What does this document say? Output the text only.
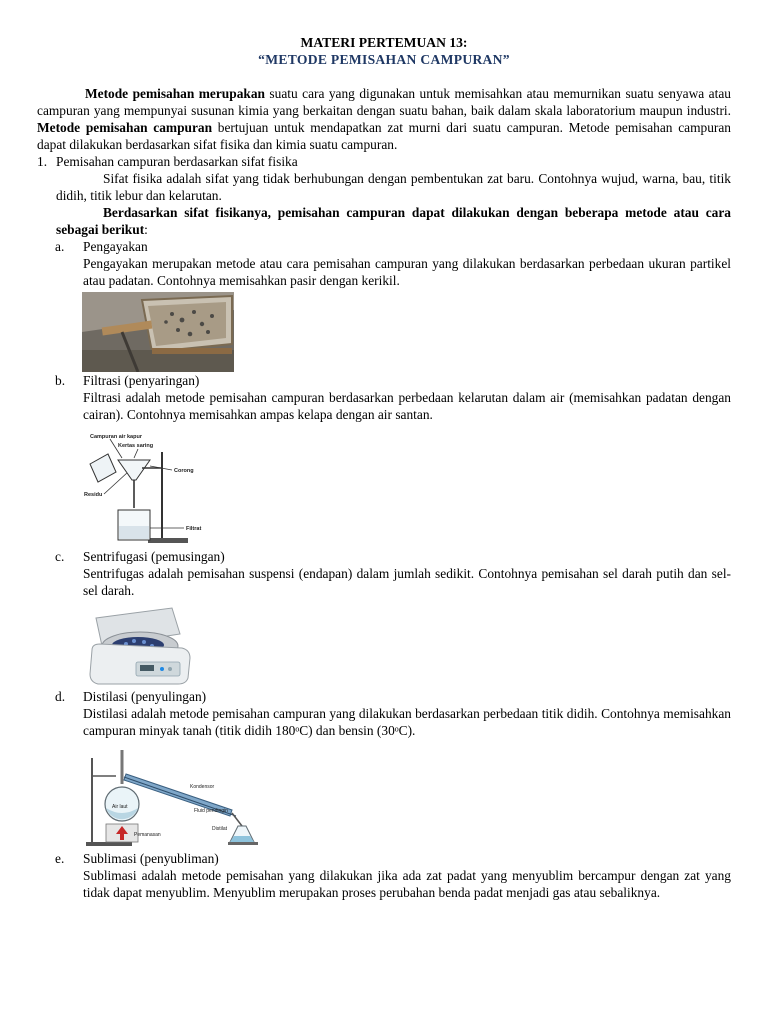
MATERI PERTEMUAN 13:
“METODE PEMISAHAN CAMPURAN”

Metode pemisahan merupakan suatu cara yang digunakan untuk memisahkan atau memurnikan suatu senyawa atau campuran yang mempunyai susunan kimia yang berkaitan dengan suatu bahan, baik dalam skala laboratorium maupun industri. Metode pemisahan campuran bertujuan untuk mendapatkan zat murni dari suatu campuran. Metode pemisahan campuran dapat dilakukan berdasarkan sifat fisika dan kimia suatu campuran.

1. Pemisahan campuran berdasarkan sifat fisika

Sifat fisika adalah sifat yang tidak berhubungan dengan pembentukan zat baru. Contohnya wujud, warna, bau, titik didih, titik lebur dan kelarutan.

Berdasarkan sifat fisikanya, pemisahan campuran dapat dilakukan dengan beberapa metode atau cara sebagai berikut:

a.	Pengayakan

Pengayakan merupakan metode atau cara pemisahan campuran yang dilakukan berdasarkan perbedaan ukuran partikel atau padatan. Contohnya memisahkan pasir dengan kerikil.

b.	Filtrasi (penyaringan)

Filtrasi adalah metode pemisahan campuran berdasarkan perbedaan kelarutan dalam air (memisahkan padatan dengan cairan). Contohnya memisahkan ampas kelapa dengan air santan.

Campuran air kapur
Kertas saring
Corong
Residu
Filtrat
c.	Sentrifugasi (pemusingan)

Sentrifugas adalah pemisahan suspensi (endapan) dalam jumlah sedikit. Contohnya pemisahan sel darah putih dan sel-sel darah.

d.	Distilasi (penyulingan)

Distilasi adalah metode pemisahan campuran yang dilakukan berdasarkan perbedaan titik didih. Contohnya memisahkan campuran minyak tanah (titik didih 180ᵒC) dan bensin (30ᵒC).

Air laut
Pemanasan
Kondensor
Fluid pendingin
Distilat
e.	Sublimasi (penyubliman)

Sublimasi adalah metode pemisahan yang dilakukan jika ada zat padat yang menyublim bercampur dengan zat yang tidak dapat menyublim. Menyublim merupakan proses perubahan benda padat menjadi gas atau sebaliknya.
